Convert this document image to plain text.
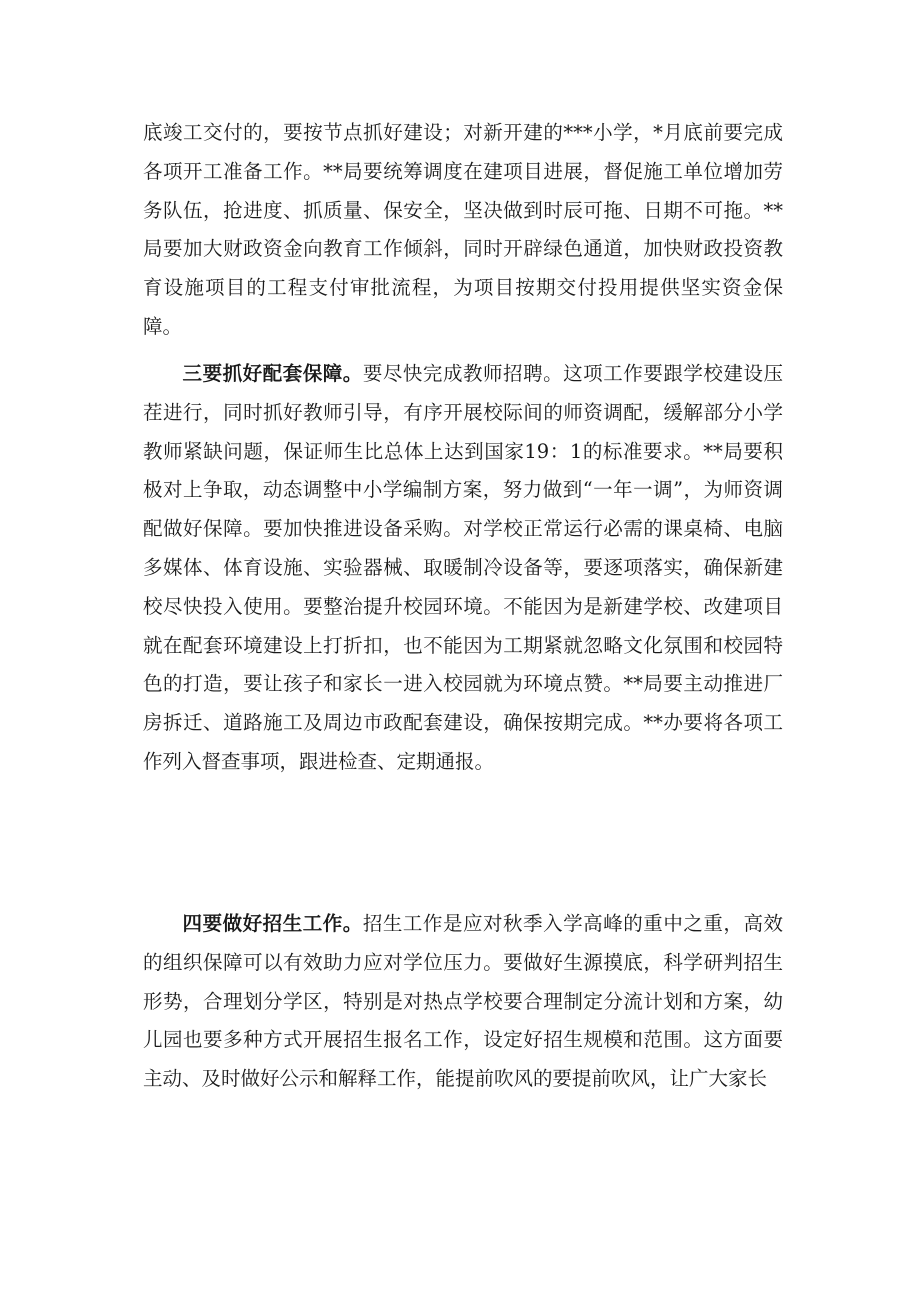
底竣工交付的，要按节点抓好建设；对新开建的***小学，*月底前要完成各项开工准备工作。**局要统筹调度在建项目进展，督促施工单位增加劳务队伍，抢进度、抓质量、保安全，坚决做到时辰可拖、日期不可拖。**局要加大财政资金向教育工作倾斜，同时开辟绿色通道，加快财政投资教育设施项目的工程支付审批流程，为项目按期交付投用提供坚实资金保障。

三要抓好配套保障。要尽快完成教师招聘。这项工作要跟学校建设压茬进行，同时抓好教师引导，有序开展校际间的师资调配，缓解部分小学教师紧缺问题，保证师生比总体上达到国家19：1的标准要求。**局要积极对上争取，动态调整中小学编制方案，努力做到“一年一调”，为师资调配做好保障。要加快推进设备采购。对学校正常运行必需的课桌椅、电脑多媒体、体育设施、实验器械、取暖制冷设备等，要逐项落实，确保新建校尽快投入使用。要整治提升校园环境。不能因为是新建学校、改建项目就在配套环境建设上打折扣，也不能因为工期紧就忽略文化氛围和校园特色的打造，要让孩子和家长一进入校园就为环境点赞。**局要主动推进厂房拆迁、道路施工及周边市政配套建设，确保按期完成。**办要将各项工作列入督查事项，跟进检查、定期通报。

四要做好招生工作。招生工作是应对秋季入学高峰的重中之重，高效的组织保障可以有效助力应对学位压力。要做好生源摸底，科学研判招生形势，合理划分学区，特别是对热点学校要合理制定分流计划和方案，幼儿园也要多种方式开展招生报名工作，设定好招生规模和范围。这方面要主动、及时做好公示和解释工作，能提前吹风的要提前吹风，让广大家长
